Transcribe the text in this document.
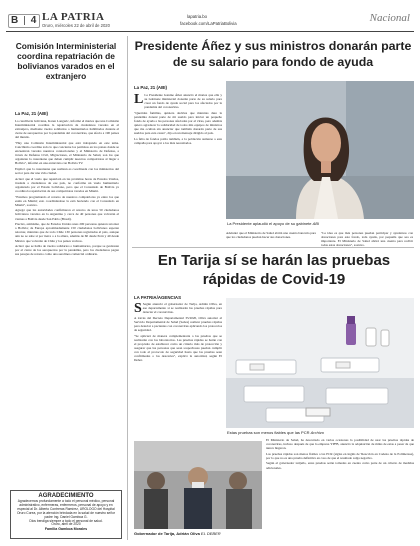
B 4 LA PATRIA
Oruro, miércoles 22 de abril de 2020
lapatria.bo
facebook.com/LaPatriaBolivia	Nacional
Comisión Interministerial coordina repatriación de bolivianos varados en el extranjero
La Paz, 21 (ABI)

La cancillería boliviana, Karen Longaric, informó el martes que una Comisión Interministerial coordina la repatriación de ciudadanos varados en el extranjero, mediante vuelos solidarios o humanitarios habilitados durante el cierre de aeropuertos por la pandemia del coronavirus, que afecta a 190 países del mundo.

"Hay una Comisión Interministerial que está trabajando en este tema. Cancillería coordina todo lo que concierne los permisos en los países donde se encuentran varados nuestros connacionales y el Ministerio de Defensa, a través de Defensa Civil, Migraciones, el Ministerio de Salud, son los que organizan la cuarentena que deben cumplir nuestros compatriotas al llegar a Bolivia", informó en una entrevista con Bolivia TV.

Explicó que la cuarentena que realizan es coordinada con los ministerios del sector para dar una vida ciudad.

Aclaró que el vuelo que repatriará en las próximas horas de Estados Unidos, traslada a ciudadanos de ese país, no conforma un vuelo humanitario organizado por el Estado boliviano, pero que el Consulado de Bolivia ya coordina la repatriación de sus compatriotas varados en Miami.

"Estamos programando el retorno de nuestros compatriotas ya entre los que están en Miami; esto coordinándose la está haciendo con el Consulado en Miami", sostuvo.

Agregó que las autoridades confirmaron el retorno de unos 50 ciudadanos bolivianos varados en la Argentina y cerca de 40 personas que volverán el viernes a Bolivia desde San Pablo (Brasil).

Precisó, asimismo, que de Estados Unidos unas 200 personas quieren retornar a Bolivia; de Europa aproximadamente 150 ciudadanos bolivianos esperan retornar, mientras que de todo Chile 130 personas registradas al país, aunque aún no se sabe si por tierra o a la altura, además de 60 desde Perú y 40 desde México que volverán de Chile y los países vecinos.

Aclaró que se habla de vuelos solidarios o humanitarios, porque se gestionan por el cierre de los aeropuertos por la pandemia, pero los ciudadanos pagan sus pasajes de retorno como una aerolínea comercial ordinaria.

AGRADECIMIENTO
Agradecemos profundamente a todo el personal médico, personal administrativo, enfermeras, enfermeros, personal de apoyo y en especial al Dr. Alberto Contreras Ramírez, UROLOGO del Hospital Oruro Corea, por la atención brindada en la salud de nuestro señor padre Ing. Daniel Gamboa G.
Dios bendiga siempre a todo el personal de salud.
Oruro, abril de 2020
Familia Gamboa Morales
Presidente Áñez y sus ministros donarán parte de su salario para fondo de ayuda
La Paz, 21 (ABI)

L La Presidente Jeanine Áñez anunció el martes que ella y su Gabinete ministerial donarán parte de su salario para crear un fondo de ayuda social para los afectados por la pandemia del coronavirus.

"Queridas familias, quisiera decirles que mientras dure la pandemia donaré parte de mi sueldo para iniciar un pequeño fondo de ayuda a las personas afectadas por el virus, pero además quiero agradecer la solidaridad de todos mis equipos de ministros que me ocultan sin anunciar que también donarán parte de sus sueldos para esta causa", dijo en un mensaje dirigido al país.

La falta de fondos pobla también, a la población sumarse a esta campaña para apoyar a los más necesitados.

La Presidente aplaudió el apoyo de su gabinete ABI

Adelantó que el Ministerio de Salud abrirá una cuenta bancaria para que los ciudadanos puedan hacer sus donaciones.

"La idea es que más personas puedan participar y ayudarnos con donaciones para este fondo, toda ayuda, por pequeña que sea es importante. El Ministerio de Salud abrirá una cuenta para recibir todas estas donaciones", sostuvo.

En Tarija sí se harán las pruebas rápidas de Covid-19
LA PATRIA/AGENCIAS

S Según anunció el gobernador de Tarija, Adrián Oliva, en ese departamento sí se realizarán las pruebas rápidas para detectar el coronavirus.

A través del Decreto Departamental 35/2020, Oliva autorizó al Servicio Departamental de Salud (Sedes) realizar pruebas rápidas para detectar a pacientes con coronavirus aplicando los protocolos de seguridad.

"Se aplicará de manera complementaria a las pruebas que se realizarán con los laboratorios. Las pruebas rápidas se harán con el propósito de establecer como un criterio más de protección y asegurar que las personas que sean sospechosas puedan cumplir con todo el protocolo de seguridad hasta que las pruebas sean confirmadas o los descartes", explicó la autoridad, según El Deber.

Estas pruebas son menos fiables que las PCR Archivo
Gobernador de Tarija, Adrián Oliva EL DEBER

El Ministerio de Salud, ha descartado en varias ocasiones la posibilidad de usar las pruebas rápidas de coronavirus, incluso después de que la empresa YPFB, anunció la adquisición de miles de estas a pesar de que nunca llegaron.

Las pruebas rápidas son menos fiables a las PCR (siglas en inglés de 'Reacción en Cadena de la Polimerasa), por lo que no es una prueba definitiva en caso de que el resultado salga negativo.

Según el gobernador tarijeño, estas pruebas serán tomadas en cuenta como parte de un criterio de medidas adicionales.
